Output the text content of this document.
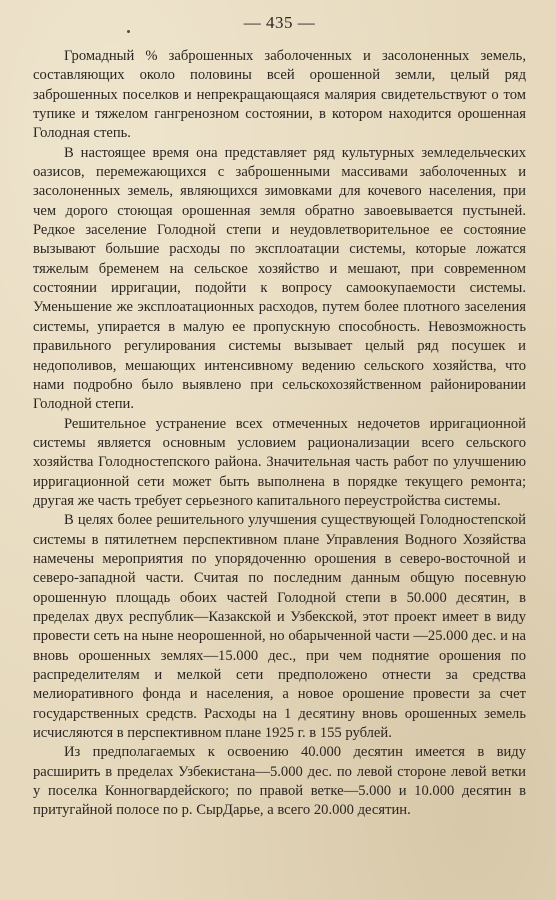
— 435 —

Громадный % заброшенных заболоченных и засолоненных земель, составляющих около половины всей орошенной земли, целый ряд заброшенных поселков и непрекращающаяся малярия свидетельствуют о том тупике и тяжелом гангренозном состоянии, в котором находится орошенная Голодная степь.

В настоящее время она представляет ряд культурных земледельческих оазисов, перемежающихся с заброшенными массивами заболоченных и засолоненных земель, являющихся зимовками для кочевого населения, при чем дорого стоющая орошенная земля обратно завоевывается пустыней. Редкое заселение Голодной степи и неудовлетворительное ее состояние вызывают большие расходы по эксплоатации системы, которые ложатся тяжелым бременем на сельское хозяйство и мешают, при современном состоянии ирригации, подойти к вопросу самоокупаемости системы. Уменьшение же эксплоатационных расходов, путем более плотного заселения системы, упирается в малую ее пропускную способность. Невозможность правильного регулирования системы вызывает целый ряд посушек и недополивов, мешающих интенсивному ведению сельского хозяйства, что нами подробно было выявлено при сельскохозяйственном районировании Голодной степи.

Решительное устранение всех отмеченных недочетов ирригационной системы является основным условием рационализации всего сельского хозяйства Голодностепского района. Значительная часть работ по улучшению ирригационной сети может быть выполнена в порядке текущего ремонта; другая же часть требует серьезного капитального переустройства системы.

В целях более решительного улучшения существующей Голодностепской системы в пятилетнем перспективном плане Управления Водного Хозяйства намечены мероприятия по упорядоченню орошения в северо-восточной и северо-западной части. Считая по последним данным общую посевную орошенную площадь обоих частей Голодной степи в 50.000 десятин, в пределах двух республик—Казакской и Узбекской, этот проект имеет в виду провести сеть на ныне неорошенной, но обарыченной части —25.000 дес. и на вновь орошенных землях—15.000 дес., при чем поднятие орошения по распределителям и мелкой сети предположено отнести за средства мелиоративного фонда и населения, а новое орошение провести за счет государственных средств. Расходы на 1 десятину вновь орошенных земель исчисляются в перспективном плане 1925 г. в 155 рублей.

Из предполагаемых к освоению 40.000 десятин имеется в виду расширить в пределах Узбекистана—5.000 дес. по левой стороне левой ветки у поселка Конногвардейского; по правой ветке—5.000 и 10.000 десятин в притугайной полосе по р. СырДарье, а всего 20.000 десятин.
